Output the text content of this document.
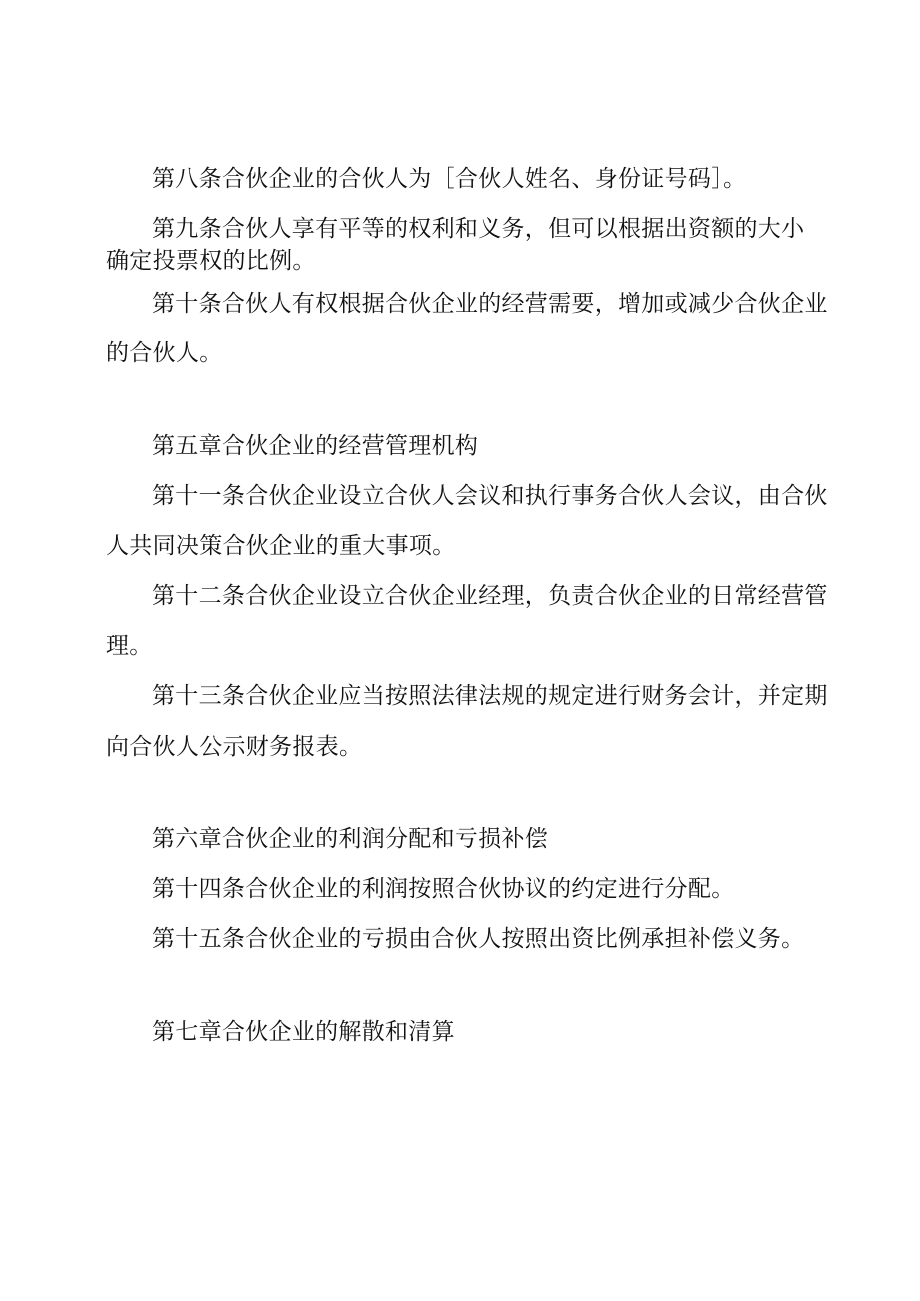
第八条合伙企业的合伙人为［合伙人姓名、身份证号码］。
第九条合伙人享有平等的权利和义务，但可以根据出资额的大小
确定投票权的比例。
第十条合伙人有权根据合伙企业的经营需要，增加或减少合伙企业
的合伙人。
第五章合伙企业的经营管理机构
第十一条合伙企业设立合伙人会议和执行事务合伙人会议，由合伙
人共同决策合伙企业的重大事项。
第十二条合伙企业设立合伙企业经理，负责合伙企业的日常经营管
理。
第十三条合伙企业应当按照法律法规的规定进行财务会计，并定期
向合伙人公示财务报表。
第六章合伙企业的利润分配和亏损补偿
第十四条合伙企业的利润按照合伙协议的约定进行分配。
第十五条合伙企业的亏损由合伙人按照出资比例承担补偿义务。
第七章合伙企业的解散和清算
